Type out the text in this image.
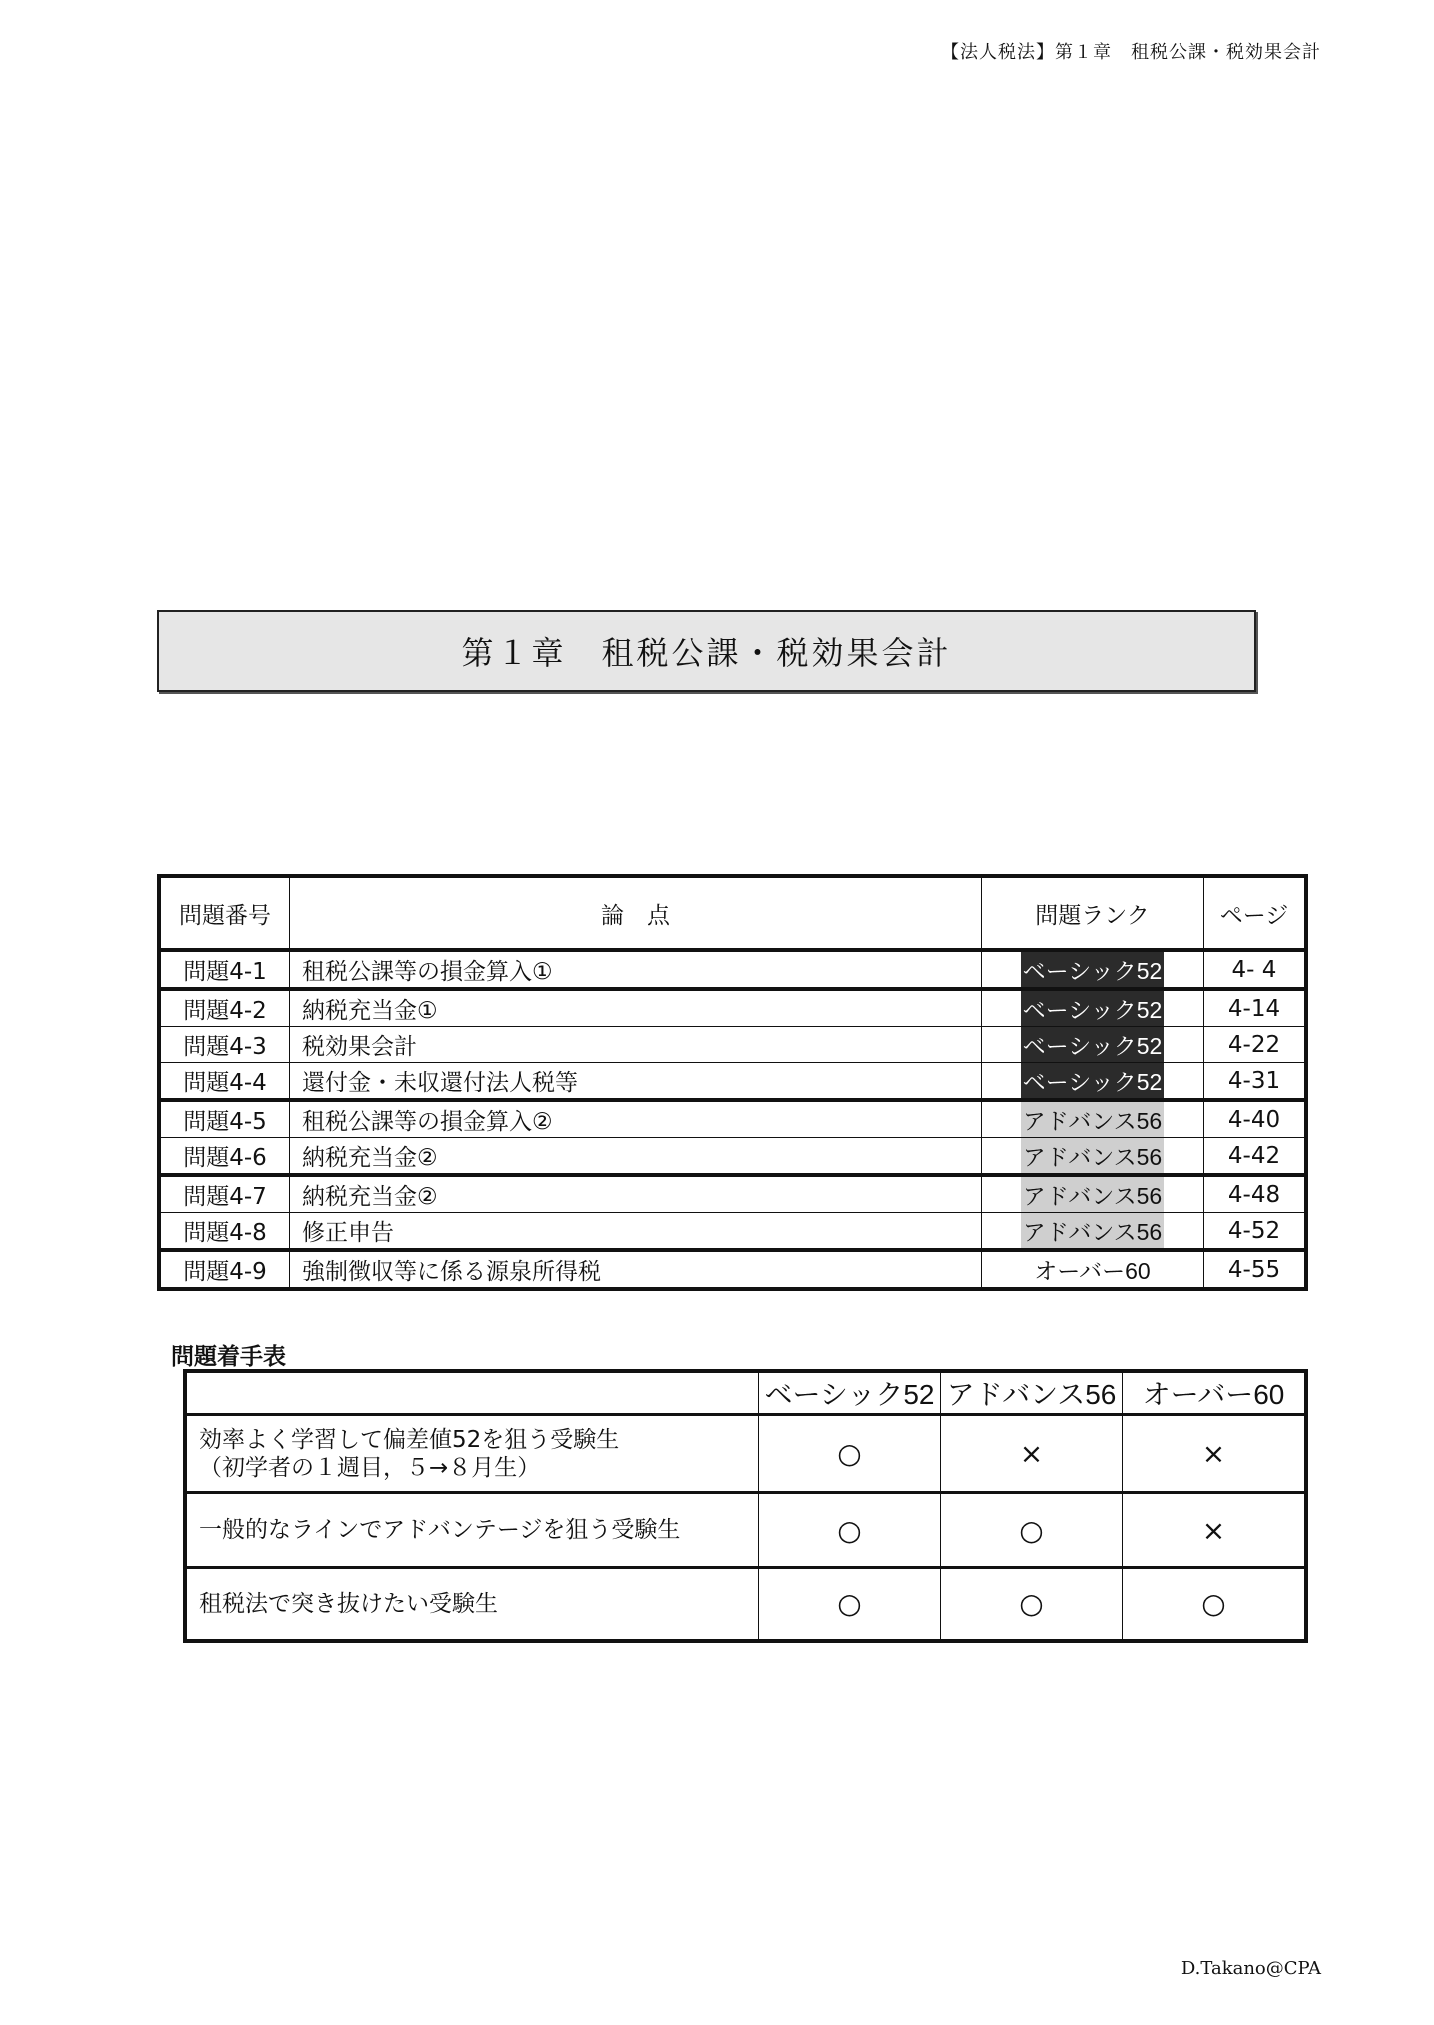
【法人税法】第１章　租税公課・税効果会計
第１章　租税公課・税効果会計
問題番号	論　点	問題ランク	ページ
問題4-1	租税公課等の損金算入①	ベーシック52	4- 4
問題4-2	納税充当金①	ベーシック52	4-14
問題4-3	税効果会計	ベーシック52	4-22
問題4-4	還付金・未収還付法人税等	ベーシック52	4-31
問題4-5	租税公課等の損金算入②	アドバンス56	4-40
問題4-6	納税充当金②	アドバンス56	4-42
問題4-7	納税充当金②	アドバンス56	4-48
問題4-8	修正申告	アドバンス56	4-52
問題4-9	強制徴収等に係る源泉所得税	オーバー60	4-55
問題着手表
	ベーシック52	アドバンス56	オーバー60

効率よく学習して偏差値52を狙う受験生
（初学者の１週目，５→８月生）	○	×	×

一般的なラインでアドバンテージを狙う受験生	○	○	×

租税法で突き抜けたい受験生	○	○	○
D.Takano@CPA
